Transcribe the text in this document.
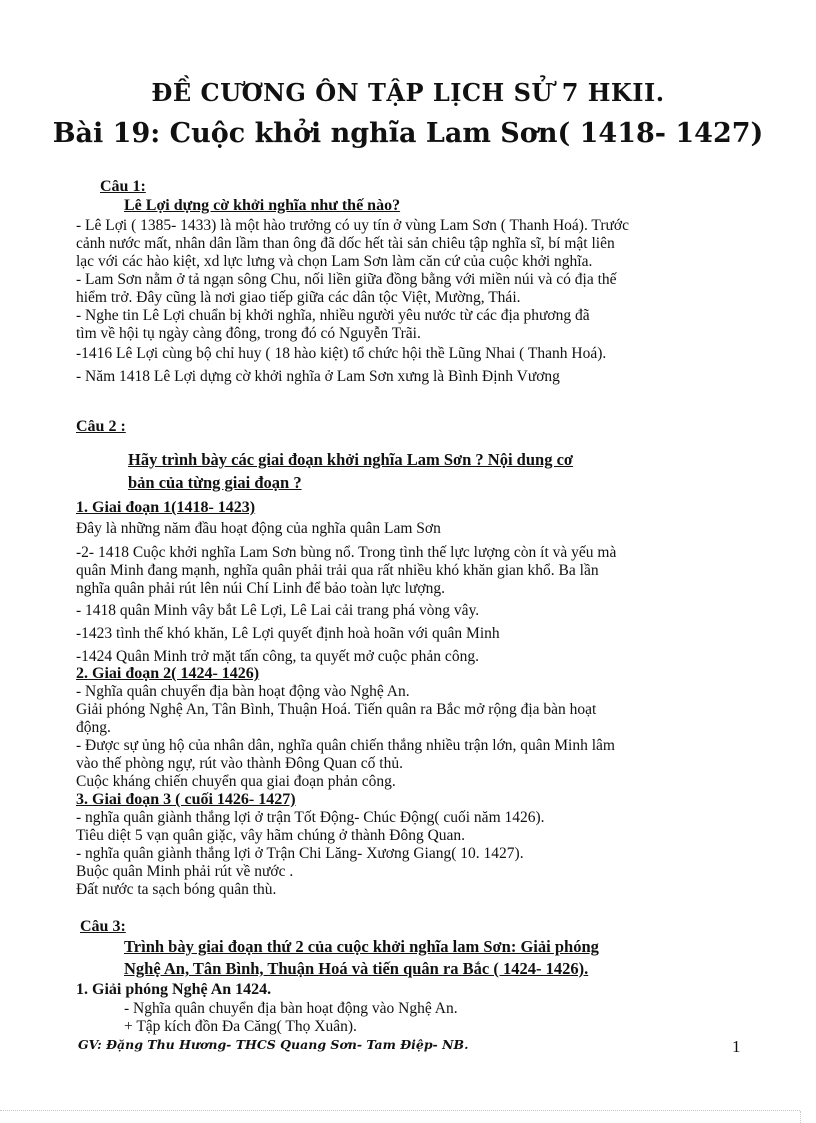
ĐỀ CƯƠNG ÔN TẬP LỊCH SỬ 7 HKII.
Bài 19: Cuộc khởi nghĩa Lam Sơn( 1418- 1427)
Câu 1:
Lê Lợi dựng cờ khởi nghĩa như thế nào?
- Lê Lợi ( 1385- 1433) là một hào trưởng có uy tín ở vùng Lam Sơn ( Thanh Hoá). Trước
cảnh nước mất, nhân dân lầm than ông đã dốc hết tài sản chiêu tập nghĩa sĩ, bí mật liên
lạc với các hào kiệt, xd lực lưng và chọn Lam Sơn làm căn cứ của cuộc khởi nghĩa.
- Lam Sơn nằm ở tả ngạn sông Chu, nối liền giữa đồng bằng với miền núi và có địa thế
hiểm trở. Đây cũng là nơi giao tiếp giữa các dân tộc Việt, Mường, Thái.
- Nghe tin Lê Lợi chuẩn bị khởi nghĩa, nhiều người yêu nước từ các địa phương đã
tìm về hội tụ ngày càng đông, trong đó có Nguyễn Trãi.
-1416 Lê Lợi cùng bộ chỉ huy ( 18 hào kiệt) tổ chức hội thề Lũng Nhai ( Thanh Hoá).
- Năm 1418 Lê Lợi dựng cờ khởi nghĩa ở Lam Sơn xưng là Bình Định Vương
Câu 2 :
Hãy trình bày các giai đoạn khởi nghĩa Lam Sơn ? Nội dung cơ
bản của từng giai đoạn ?
1. Giai đoạn 1(1418- 1423)
Đây là những năm đầu hoạt động của nghĩa quân Lam Sơn
-2- 1418 Cuộc khởi nghĩa Lam Sơn bùng nổ. Trong tình thế lực lượng còn ít và yếu mà
quân Minh đang mạnh, nghĩa quân phải trải qua rất nhiều khó khăn gian khổ. Ba lần
nghĩa quân phải rút lên núi Chí Linh để bảo toàn lực lượng.
- 1418 quân Minh vây bắt Lê Lợi, Lê Lai cải trang phá vòng vây.
-1423 tình thế khó khăn, Lê Lợi quyết định hoà hoãn với quân Minh
-1424 Quân Minh trở mặt tấn công, ta quyết mở cuộc phản công.
2. Giai đoạn 2( 1424- 1426)
- Nghĩa quân chuyển địa bàn hoạt động vào Nghệ An.
Giải phóng Nghệ An, Tân Bình, Thuận Hoá. Tiến quân ra Bắc mở rộng địa bàn hoạt
động.
- Được sự ủng hộ của nhân dân, nghĩa quân chiến thắng nhiều trận lớn, quân Minh lâm
vào thế phòng ngự, rút vào thành Đông Quan cố thủ.
Cuộc kháng chiến chuyển qua giai đoạn phản công.
3. Giai đoạn 3 ( cuối 1426- 1427)
- nghĩa quân giành thắng lợi ở trận Tốt Động- Chúc Động( cuối năm 1426).
Tiêu diệt 5 vạn quân giặc, vây hãm chúng ở thành Đông Quan.
- nghĩa quân giành thắng lợi ở Trận Chi Lăng- Xương Giang( 10. 1427).
Buộc quân Minh phải rút về nước .
Đất nước ta sạch bóng quân thù.
Câu 3:
Trình bày giai đoạn thứ 2 của cuộc khởi nghĩa lam Sơn: Giải phóng
Nghệ An, Tân Bình, Thuận Hoá và tiến quân ra Bắc ( 1424- 1426).
1. Giải phóng Nghệ An 1424.
- Nghĩa quân chuyển địa bàn hoạt động vào Nghệ An.
+ Tập kích đồn Đa Căng( Thọ Xuân).
GV: Đặng Thu Hương- THCS Quang Sơn- Tam Điệp- NB.	1
